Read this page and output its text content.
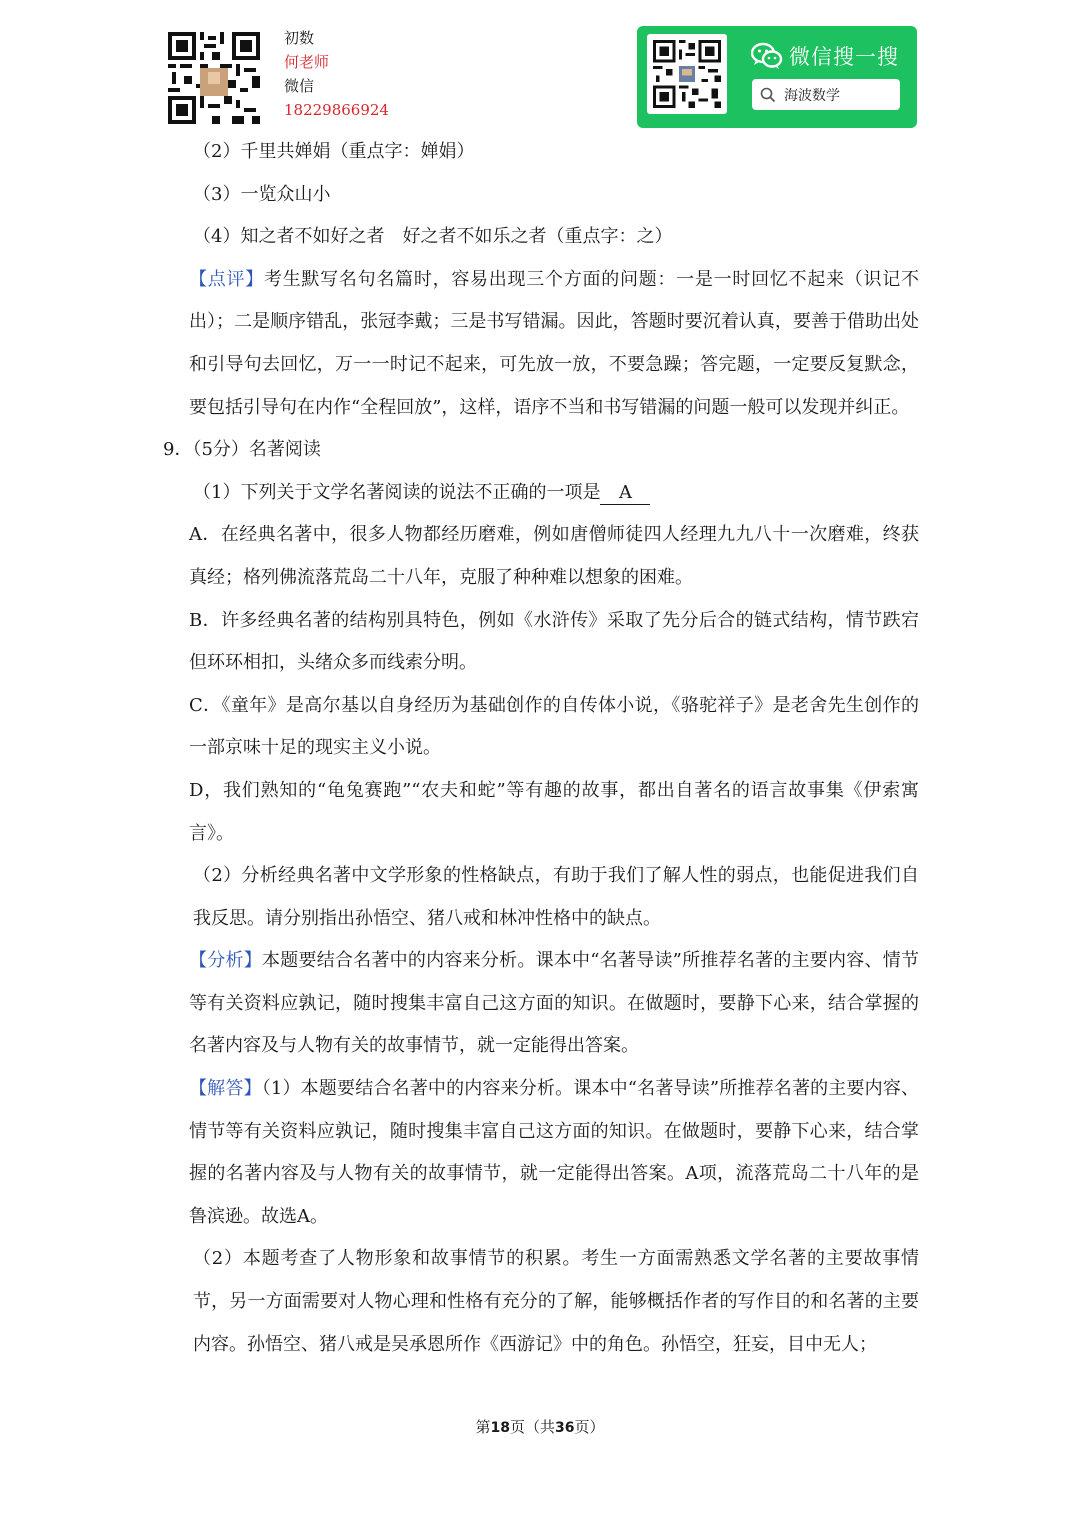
初数
何老师
微信
18229866924
微信搜一搜
海波数学

（2）千里共婵娟（重点字：婵娟）

（3）一览众山小

（4）知之者不如好之者　好之者不如乐之者（重点字：之）

【点评】考生默写名句名篇时，容易出现三个方面的问题：一是一时回忆不起来（识记不出）；二是顺序错乱，张冠李戴；三是书写错漏。因此，答题时要沉着认真，要善于借助出处和引导句去回忆，万一一时记不起来，可先放一放，不要急躁；答完题，一定要反复默念，要包括引导句在内作“全程回放”，这样，语序不当和书写错漏的问题一般可以发现并纠正。

9．（5分）名著阅读

（1）下列关于文学名著阅读的说法不正确的一项是 A

A．在经典名著中，很多人物都经历磨难，例如唐僧师徒四人经理九九八十一次磨难，终获真经；格列佛流落荒岛二十八年，克服了种种难以想象的困难。

B．许多经典名著的结构别具特色，例如《水浒传》采取了先分后合的链式结构，情节跌宕但环环相扣，头绪众多而线索分明。

C．《童年》是高尔基以自身经历为基础创作的自传体小说，《骆驼祥子》是老舍先生创作的一部京味十足的现实主义小说。

D，我们熟知的“龟兔赛跑”“农夫和蛇”等有趣的故事，都出自著名的语言故事集《伊索寓言》。

（2）分析经典名著中文学形象的性格缺点，有助于我们了解人性的弱点，也能促进我们自我反思。请分别指出孙悟空、猪八戒和林冲性格中的缺点。

【分析】本题要结合名著中的内容来分析。课本中“名著导读”所推荐名著的主要内容、情节等有关资料应孰记，随时搜集丰富自己这方面的知识。在做题时，要静下心来，结合掌握的名著内容及与人物有关的故事情节，就一定能得出答案。

【解答】（1）本题要结合名著中的内容来分析。课本中“名著导读”所推荐名著的主要内容、情节等有关资料应孰记，随时搜集丰富自己这方面的知识。在做题时，要静下心来，结合掌握的名著内容及与人物有关的故事情节，就一定能得出答案。A项，流落荒岛二十八年的是鲁滨逊。故选A。

（2）本题考查了人物形象和故事情节的积累。考生一方面需熟悉文学名著的主要故事情节，另一方面需要对人物心理和性格有充分的了解，能够概括作者的写作目的和名著的主要内容。孙悟空、猪八戒是吴承恩所作《西游记》中的角色。孙悟空，狂妄，目中无人；

第18页（共36页）
